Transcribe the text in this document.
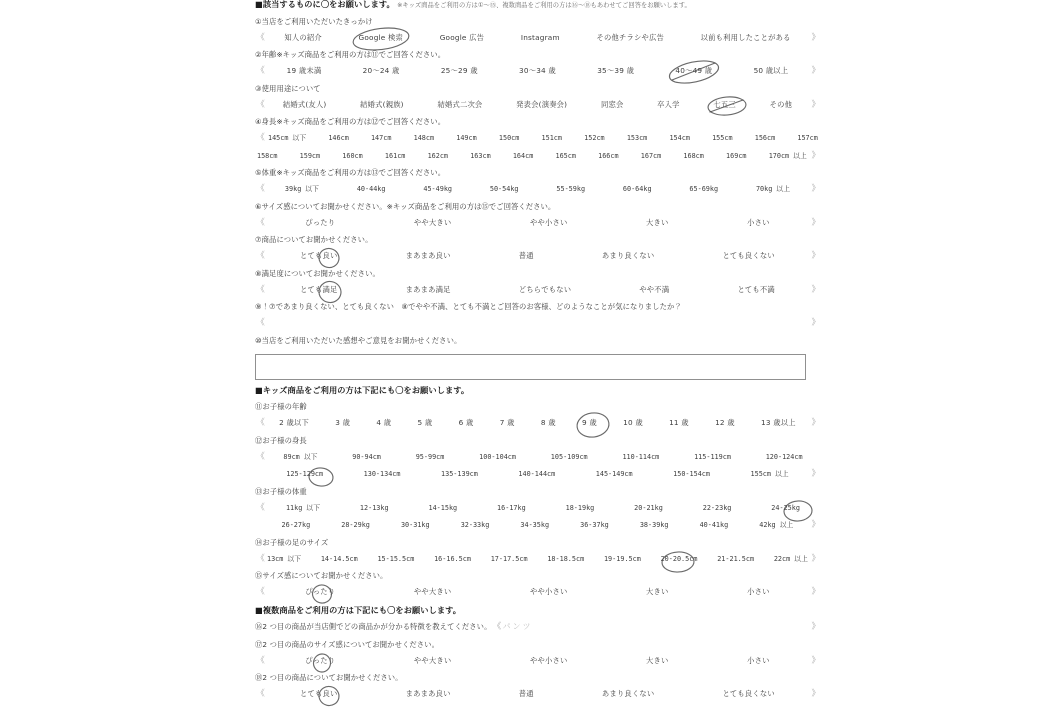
■該当するものに〇をお願いします。 ※キッズ商品をご利用の方は①～⑮、複数商品をご利用の方は⑯～⑱もあわせてご回答をお願いします。
①当店をご利用いただいたきっかけ
《	知人の紹介	Google 検索	Google 広告	Instagram	その他チラシや広告	以前も利用したことがある 》
②年齢※キッズ商品をご利用の方は⑪でご回答ください。
《	19 歳未満	20～24 歳	25～29 歳	30～34 歳	35～39 歳	40～49 歳	50 歳以上	》
③使用用途について
《 結婚式(友人)	結婚式(親族)	結婚式二次会	発表会(演奏会)	同窓会	卒入学	七五三	その他 》
④身長※キッズ商品をご利用の方は⑫でご回答ください。
《 145cm 以下	146cm	147cm	148cm	149cm	150cm	151cm	152cm	153cm	154cm	155cm	156cm	157cm
158cm	159cm	160cm	161cm	162cm	163cm	164cm	165cm	166cm	167cm	168cm	169cm	170cm 以上 》
⑤体重※キッズ商品をご利用の方は⑬でご回答ください。
《	39kg 以下	40-44kg	45-49kg	50-54kg	55-59kg	60-64kg	65-69kg	70kg 以上	》
⑥サイズ感についてお聞かせください。※キッズ商品をご利用の方は⑮でご回答ください。
《	ぴったり	やや大きい	やや小さい	大きい	小さい	》
⑦商品についてお聞かせください。
《	とても良い	まあまあ良い	普通	あまり良くない	とても良くない	》
⑧満足度についてお聞かせください。
《	とても満足	まあまあ満足	どちらでもない	やや不満	とても不満	》
⑨！⑦であまり良くない、とても良くない　⑧でやや不満、とても不満とご回答のお客様、どのようなことが気になりましたか？
《	》
⑩当店をご利用いただいた感想やご意見をお聞かせください。
■キッズ商品をご利用の方は下記にも〇をお願いします。
⑪お子様の年齢
《 2 歳以下	3 歳	4 歳	5 歳	6 歳	7 歳	8 歳	9 歳	10 歳	11 歳	12 歳	13 歳以上 》
⑫お子様の身長
《	89cm 以下	90-94cm	95-99cm	100-104cm	105-109cm	110-114cm	115-119cm	120-124cm
125-129cm	130-134cm	135-139cm	140-144cm	145-149cm	150-154cm	155cm 以上	》
⑬お子様の体重
《	11kg 以下	12-13kg	14-15kg	16-17kg	18-19kg	20-21kg	22-23kg	24-25kg
26-27kg	28-29kg	30-31kg	32-33kg	34-35kg	36-37kg	38-39kg	40-41kg	42kg 以上 》
⑭お子様の足のサイズ
《 13cm 以下	14-14.5cm	15-15.5cm	16-16.5cm	17-17.5cm	18-18.5cm	19-19.5cm	20-20.5cm	21-21.5cm	22cm 以上 》
⑮サイズ感についてお聞かせください。
《	ぴったり	やや大きい	やや小さい	大きい	小さい	》
■複数商品をご利用の方は下記にも〇をお願いします。
⑯ 2 つ目の商品が当店側でどの商品かが分かる特徴を教えてください。 《 パンツ	》
⑰2 つ目の商品のサイズ感についてお聞かせください。
《	ぴったり	やや大きい	やや小さい	大きい	小さい	》
⑱2 つ目の商品についてお聞かせください。
《	とても良い	まあまあ良い	普通	あまり良くない	とても良くない	》
